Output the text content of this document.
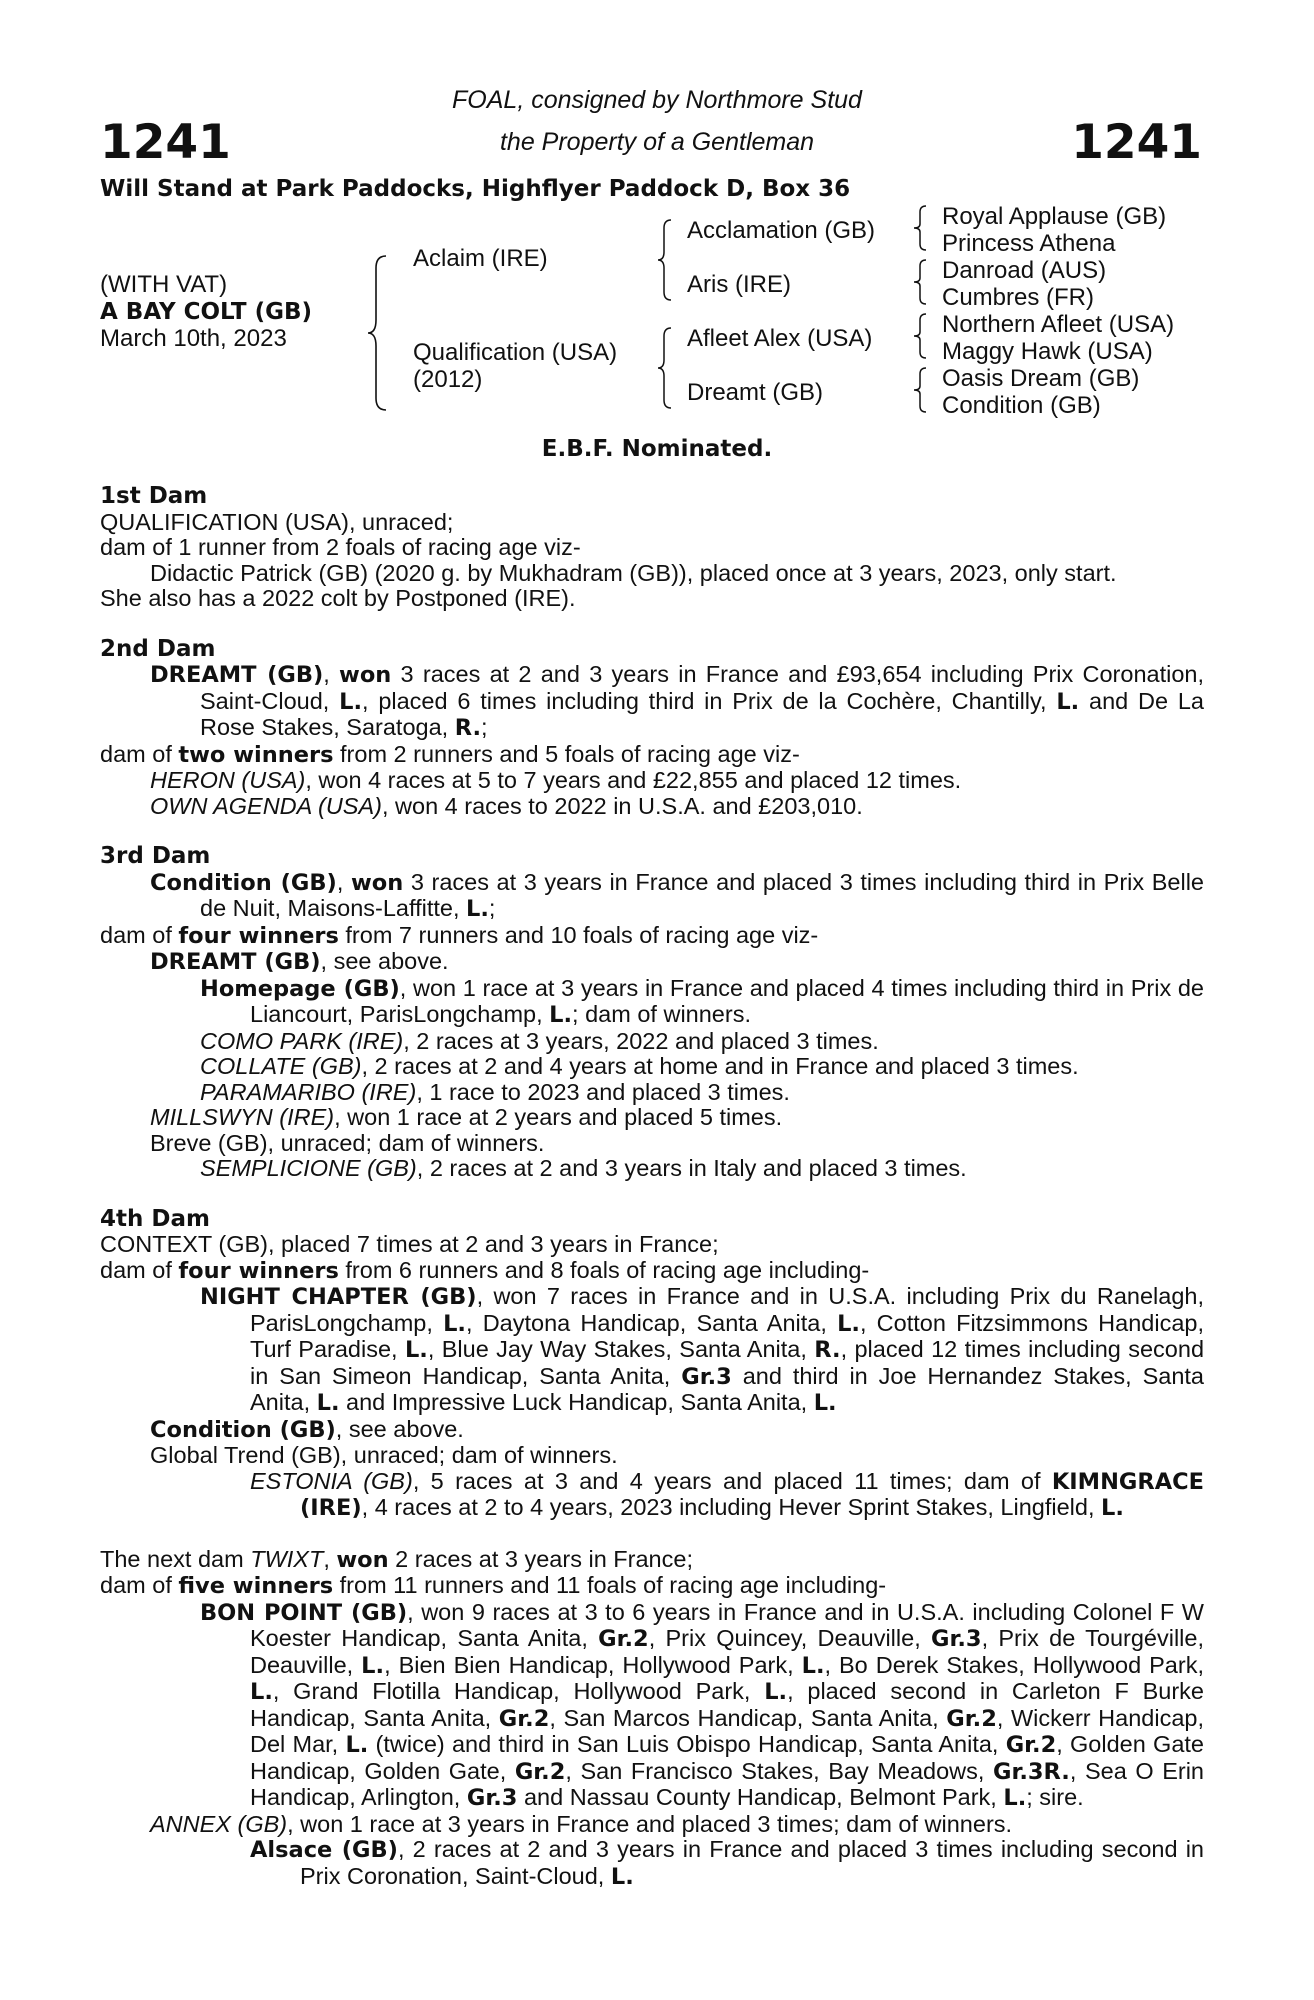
1241
FOAL, consigned by Northmore Stud
the Property of a Gentleman	1241
Will Stand at Park Paddocks, Highflyer Paddock D, Box 36
(WITH VAT)
A BAY COLT (GB)
March 10th, 2023
Aclaim (IRE)
Qualification (USA)
(2012)
Acclamation (GB)
Aris (IRE)
Afleet Alex (USA)
Dreamt (GB)
Royal Applause (GB)
Princess Athena
Danroad (AUS)
Cumbres (FR)
Northern Afleet (USA)
Maggy Hawk (USA)
Oasis Dream (GB)
Condition (GB)
E.B.F. Nominated.
1st Dam
QUALIFICATION (USA), unraced;
dam of 1 runner from 2 foals of racing age viz-
Didactic Patrick (GB) (2020 g. by Mukhadram (GB)), placed once at 3 years, 2023, only start.
She also has a 2022 colt by Postponed (IRE).
2nd Dam
DREAMT (GB), won 3 races at 2 and 3 years in France and £93,654 including Prix Coronation, Saint-Cloud, L., placed 6 times including third in Prix de la Cochère, Chantilly, L. and De La Rose Stakes, Saratoga, R.;
dam of two winners from 2 runners and 5 foals of racing age viz-
HERON (USA), won 4 races at 5 to 7 years and £22,855 and placed 12 times.
OWN AGENDA (USA), won 4 races to 2022 in U.S.A. and £203,010.
3rd Dam
Condition (GB), won 3 races at 3 years in France and placed 3 times including third in Prix Belle de Nuit, Maisons-Laffitte, L.;
dam of four winners from 7 runners and 10 foals of racing age viz-
DREAMT (GB), see above.
Homepage (GB), won 1 race at 3 years in France and placed 4 times including third in Prix de Liancourt, ParisLongchamp, L.; dam of winners.
COMO PARK (IRE), 2 races at 3 years, 2022 and placed 3 times.
COLLATE (GB), 2 races at 2 and 4 years at home and in France and placed 3 times.
PARAMARIBO (IRE), 1 race to 2023 and placed 3 times.
MILLSWYN (IRE), won 1 race at 2 years and placed 5 times.
Breve (GB), unraced; dam of winners.
SEMPLICIONE (GB), 2 races at 2 and 3 years in Italy and placed 3 times.
4th Dam
CONTEXT (GB), placed 7 times at 2 and 3 years in France;
dam of four winners from 6 runners and 8 foals of racing age including-
NIGHT CHAPTER (GB), won 7 races in France and in U.S.A. including Prix du Ranelagh, ParisLongchamp, L., Daytona Handicap, Santa Anita, L., Cotton Fitzsimmons Handicap, Turf Paradise, L., Blue Jay Way Stakes, Santa Anita, R., placed 12 times including second in San Simeon Handicap, Santa Anita, Gr.3 and third in Joe Hernandez Stakes, Santa Anita, L. and Impressive Luck Handicap, Santa Anita, L.
Condition (GB), see above.
Global Trend (GB), unraced; dam of winners.
ESTONIA (GB), 5 races at 3 and 4 years and placed 11 times; dam of KIMNGRACE (IRE), 4 races at 2 to 4 years, 2023 including Hever Sprint Stakes, Lingfield, L.
The next dam TWIXT, won 2 races at 3 years in France;
dam of five winners from 11 runners and 11 foals of racing age including-
BON POINT (GB), won 9 races at 3 to 6 years in France and in U.S.A. including Colonel F W Koester Handicap, Santa Anita, Gr.2, Prix Quincey, Deauville, Gr.3, Prix de Tourgéville, Deauville, L., Bien Bien Handicap, Hollywood Park, L., Bo Derek Stakes, Hollywood Park, L., Grand Flotilla Handicap, Hollywood Park, L., placed second in Carleton F Burke Handicap, Santa Anita, Gr.2, San Marcos Handicap, Santa Anita, Gr.2, Wickerr Handicap, Del Mar, L. (twice) and third in San Luis Obispo Handicap, Santa Anita, Gr.2, Golden Gate Handicap, Golden Gate, Gr.2, San Francisco Stakes, Bay Meadows, Gr.3R., Sea O Erin Handicap, Arlington, Gr.3 and Nassau County Handicap, Belmont Park, L.; sire.
ANNEX (GB), won 1 race at 3 years in France and placed 3 times; dam of winners.
Alsace (GB), 2 races at 2 and 3 years in France and placed 3 times including second in Prix Coronation, Saint-Cloud, L.
